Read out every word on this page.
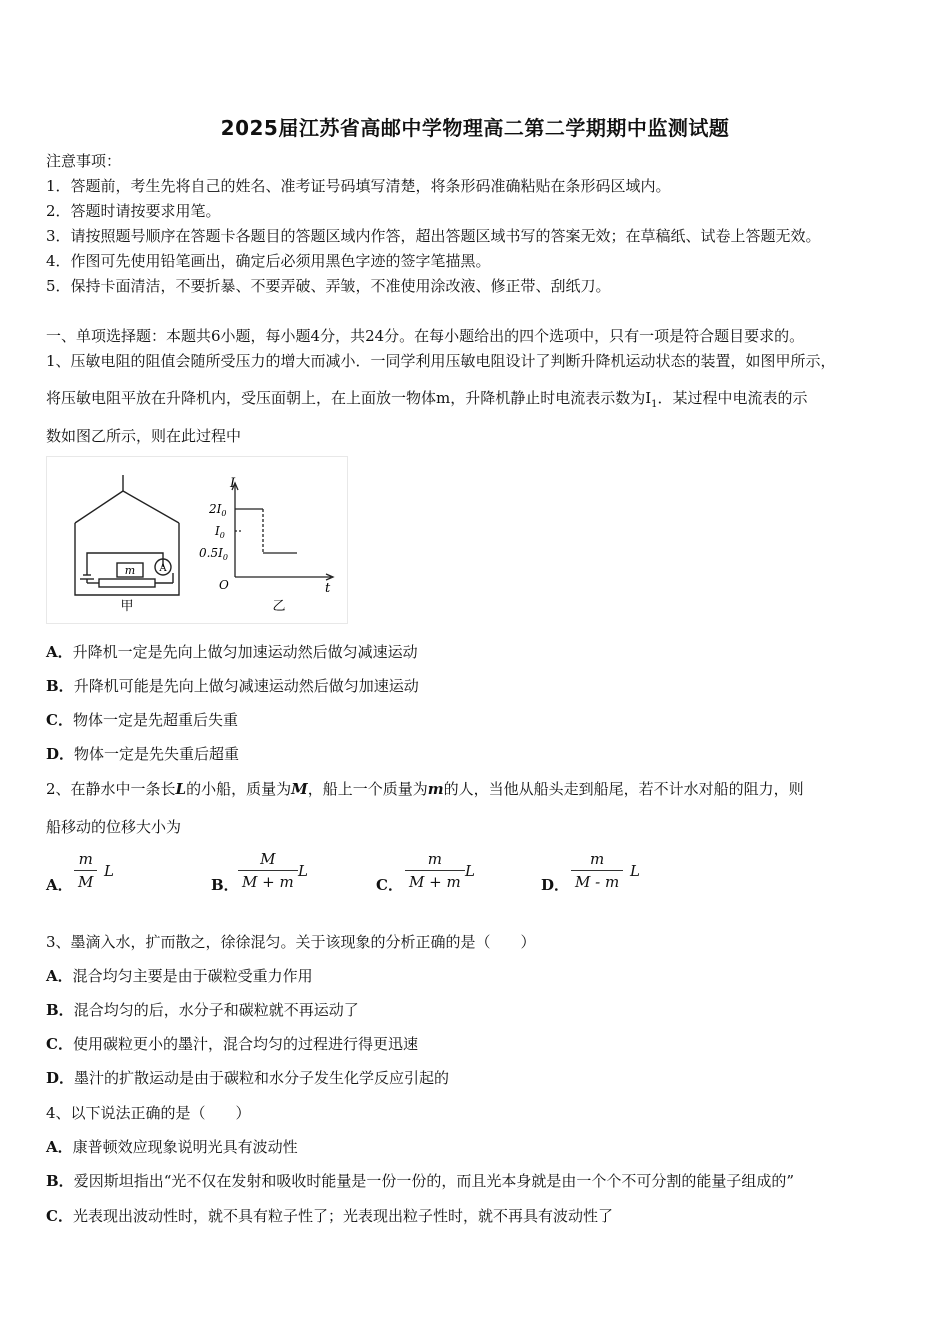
2025届江苏省高邮中学物理高二第二学期期中监测试题
注意事项：
1．答题前，考生先将自己的姓名、准考证号码填写清楚，将条形码准确粘贴在条形码区域内。
2．答题时请按要求用笔。
3．请按照题号顺序在答题卡各题目的答题区域内作答，超出答题区域书写的答案无效；在草稿纸、试卷上答题无效。
4．作图可先使用铅笔画出，确定后必须用黑色字迹的签字笔描黑。
5．保持卡面清洁，不要折暴、不要弄破、弄皱，不准使用涂改液、修正带、刮纸刀。
一、单项选择题：本题共6小题，每小题4分，共24分。在每小题给出的四个选项中，只有一项是符合题目要求的。
1、压敏电阻的阻值会随所受压力的增大而减小．一同学利用压敏电阻设计了判断升降机运动状态的装置，如图甲所示，
将压敏电阻平放在升降机内，受压面朝上，在上面放一物体m，升降机静止时电流表示数为$I_1$．某过程中电流表的示
数如图乙所示，则在此过程中
m A
甲
I
t
O
$2I_0$
$I_0$
$0.5I_0$
乙
A．升降机一定是先向上做匀加速运动然后做匀减速运动
B．升降机可能是先向上做匀减速运动然后做匀加速运动
C．物体一定是先超重后失重
D．物体一定是先失重后超重
2、在静水中一条长L的小船，质量为M，船上一个质量为m的人，当他从船头走到船尾，若不计水对船的阻力，则
船移动的位移大小为
A． $\frac{m}{M}$ L
B． $\frac{M}{M + m}$ L
C． $\frac{m}{M + m}$ L
D． $\frac{m}{M - m}$ L
3、墨滴入水，扩而散之，徐徐混匀。关于该现象的分析正确的是（　　）
A．混合均匀主要是由于碳粒受重力作用
B．混合均匀的后，水分子和碳粒就不再运动了
C．使用碳粒更小的墨汁，混合均匀的过程进行得更迅速
D．墨汁的扩散运动是由于碳粒和水分子发生化学反应引起的
4、以下说法正确的是（　　）
A．康普顿效应现象说明光具有波动性
B．爱因斯坦指出“光不仅在发射和吸收时能量是一份一份的，而且光本身就是由一个个不可分割的能量子组成的”
C．光表现出波动性时，就不具有粒子性了；光表现出粒子性时，就不再具有波动性了
